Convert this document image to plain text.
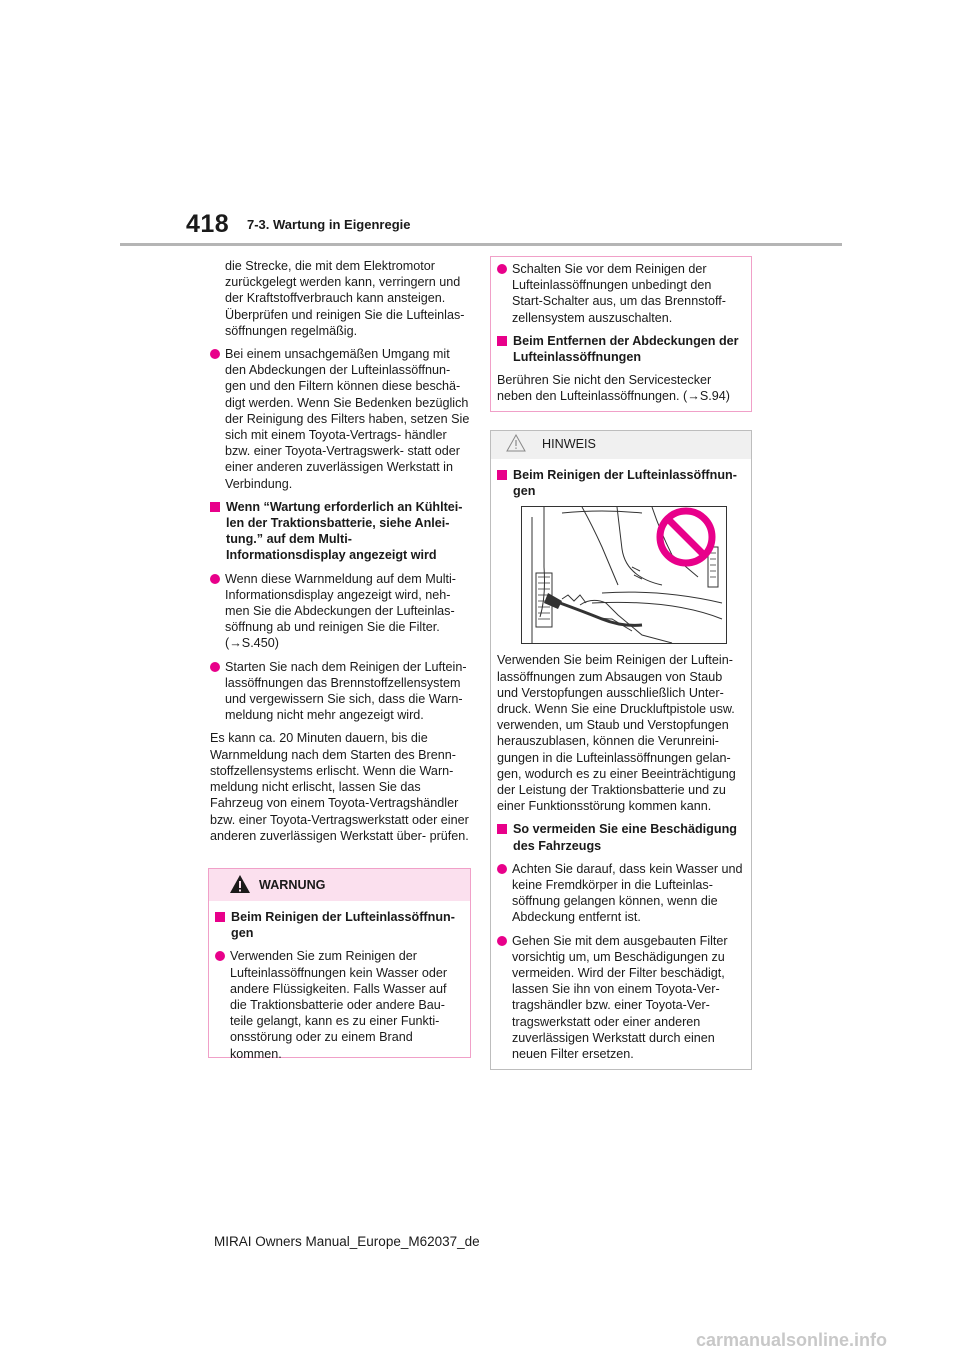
418 7-3. Wartung in Eigenregie

die Strecke, die mit dem Elektromotor zurückgelegt werden kann, verringern und der Kraftstoffverbrauch kann ansteigen. Überprüfen und reinigen Sie die Lufteinlas- söffnungen regelmäßig.

Bei einem unsachgemäßen Umgang mit den Abdeckungen der Lufteinlassöffnun- gen und den Filtern können diese beschä- digt werden. Wenn Sie Bedenken bezüglich der Reinigung des Filters haben, setzen Sie sich mit einem Toyota-Vertrags- händler bzw. einer Toyota-Vertragswerk- statt oder einer anderen zuverlässigen Werkstatt in Verbindung.
Wenn “Wartung erforderlich an Kühltei- len der Traktionsbatterie, siehe Anlei- tung.” auf dem Multi- Informationsdisplay angezeigt wird
Wenn diese Warnmeldung auf dem Multi- Informationsdisplay angezeigt wird, neh- men Sie die Abdeckungen der Lufteinlas- söffnung ab und reinigen Sie die Filter. (→S.450)
Starten Sie nach dem Reinigen der Luftein- lassöffnungen das Brennstoffzellensystem und vergewissern Sie sich, dass die Warn- meldung nicht mehr angezeigt wird.

Es kann ca. 20 Minuten dauern, bis die Warnmeldung nach dem Starten des Brenn- stoffzellensystems erlischt. Wenn die Warn- meldung nicht erlischt, lassen Sie das Fahrzeug von einem Toyota-Vertragshändler bzw. einer Toyota-Vertragswerkstatt oder einer anderen zuverlässigen Werkstatt über- prüfen.

WARNUNG
Beim Reinigen der Lufteinlassöffnun- gen
Verwenden Sie zum Reinigen der Lufteinlassöffnungen kein Wasser oder andere Flüssigkeiten. Falls Wasser auf die Traktionsbatterie oder andere Bau- teile gelangt, kann es zu einer Funkti- onsstörung oder zu einem Brand kommen.
Schalten Sie vor dem Reinigen der Lufteinlassöffnungen unbedingt den Start-Schalter aus, um das Brennstoff- zellensystem auszuschalten.
Beim Entfernen der Abdeckungen der Lufteinlassöffnungen

Berühren Sie nicht den Servicestecker neben den Lufteinlassöffnungen. (→S.94)

HINWEIS
Beim Reinigen der Lufteinlassöffnun- gen

Verwenden Sie beim Reinigen der Luftein- lassöffnungen zum Absaugen von Staub und Verstopfungen ausschließlich Unter- druck. Wenn Sie eine Druckluftpistole usw. verwenden, um Staub und Verstopfungen herauszublasen, können die Verunreini- gungen in die Lufteinlassöffnungen gelan- gen, wodurch es zu einer Beeinträchtigung der Leistung der Traktionsbatterie und zu einer Funktionsstörung kommen kann.

So vermeiden Sie eine Beschädigung des Fahrzeugs
Achten Sie darauf, dass kein Wasser und keine Fremdkörper in die Lufteinlas- söffnung gelangen können, wenn die Abdeckung entfernt ist.
Gehen Sie mit dem ausgebauten Filter vorsichtig um, um Beschädigungen zu vermeiden. Wird der Filter beschädigt, lassen Sie ihn von einem Toyota-Ver- tragshändler bzw. einer Toyota-Ver- tragswerkstatt oder einer anderen zuverlässigen Werkstatt durch einen neuen Filter ersetzen.
MIRAI Owners Manual_Europe_M62037_de
carmanualsonline.info
